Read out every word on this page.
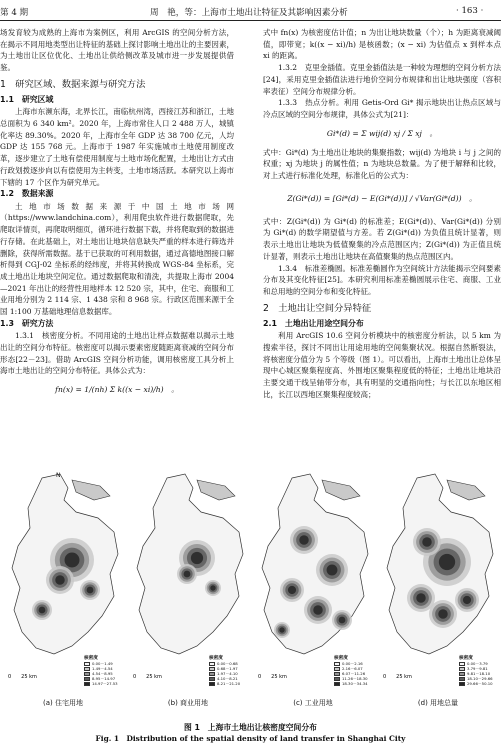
第 4 期	周　艳，等：上海市土地出让特征及其影响因素分析	· 163 ·

场发育较为成熟的上海市为案例区，利用 ArcGIS 的空间分析方法，在揭示不同用地类型出让特征的基础上探讨影响土地出让的主要因素，为土地出让区位优化、土地出让供给侧改革及城市进一步发展提供借鉴。

1　研究区域、数据来源与研究方法
1.1　研究区域

上海市东濒东海，北界长江，南临杭州湾，西接江苏和浙江，土地总面积为 6 340 km²。2020 年，上海市常住人口 2 488 万人，城镇化率达 89.30%。2020 年，上海市全年 GDP 达 38 700 亿元，人均 GDP 达 155 768 元。上海市于 1987 年实施城市土地使用制度改革，逐步建立了土地有偿使用制度与土地市场化配置，土地出让方式由行政划拨逐步向以有偿使用为主转变，土地市场活跃。本研究以上海市下辖的 17 个区作为研究单元。

1.2　数据来源

土地市场数据来源于中国土地市场网（https://www.landchina.com），利用爬虫软件进行数据爬取，先爬取详情页，再爬取明细页，循环进行数据下载，并将爬取到的数据进行存储。在此基础上，对土地出让地块信息缺失严重的样本进行筛选并删除，获得所需数据。基于已获取的可利用数据，通过高德地图接口解析得到 CGJ-02 坐标系的经纬度，并将其转换成 WGS-84 坐标系，完成土地出让地块空间定位。通过数据爬取和清洗，共提取上海市 2004—2021 年出让的经营性用地样本 12 520 宗，其中，住宅、商服和工业用地分别为 2 114 宗、1 438 宗和 8 968 宗。行政区范围来源于全国 1:100 万基础地理信息数据库。

1.3　研究方法

1.3.1　核密度分析。不同用途的土地出让样点数据难以揭示土地出让的空间分布特征。核密度可以揭示要素密度随距离衰减的空间分布形态[22－23]。借助 ArcGIS 空间分析功能，调用核密度工具分析上海市土地出让的空间分布特征。具体公式为：

fn(x) = 1/(nh) Σ k((x − xi)/h)　。

式中 fn(x) 为核密度估计值；n 为出让地块数量（个）；h 为距离衰减阈值，即带宽；k((x − xi)/h) 是核函数；(x − xi) 为估值点 x 到样本点 xi 的距离。

1.3.2　克里金插值。克里金插值法是一种较为理想的空间分析方法[24]，采用克里金插值法进行地价空间分布规律和出让地块强度（容积率表征）空间分布规律分析。

1.3.3　热点分析。利用 Getis-Ord Gi* 揭示地块出让热点区域与冷点区域的空间分布规律，具体公式为[21]：

Gi*(d) = Σ wij(d) xj / Σ xj　。

式中：Gi*(d) 为土地出让地块的集聚指数；wij(d) 为地块 i 与 j 之间的权重；xj 为地块 j 的属性值；n 为地块总数量。为了便于解释和比较，对上式进行标准化处理，标准化后的公式为：

Z(Gi*(d)) = [Gi*(d) − E(Gi*(d))] / √Var(Gi*(d))　。

式中：Z(Gi*(d)) 为 Gi*(d) 的标准差；E(Gi*(d))、Var(Gi*(d)) 分别为 Gi*(d) 的数学期望值与方差。若 Z(Gi*(d)) 为负值且统计显著，则表示土地出让地块为低值聚集的冷点范围区内；Z(Gi*(d)) 为正值且统计显著，则表示土地出让地块在高值聚集的热点范围区内。

1.3.4　标准差椭圆。标准差椭圆作为空间统计方法能揭示空间要素分布及其变化特征[25]。本研究利用标准差椭圆展示住宅、商服、工业和总用地的空间分布和变化特征。

2　土地出让空间分异特征
2.1　土地出让用途空间分布

利用 ArcGIS 10.6 空间分析模块中的核密度分析法，以 5 km 为搜索半径，探讨不同出让用途用地的空间集聚状况。根据自然断裂法，将核密度分值分为 5 个等级（图 1）。可以看出，上海市土地出让总体呈现中心城区聚集程度高、外围地区聚集程度低的特征；土地出让地块沿主要交通干线呈轴带分布，具有明显的交通指向性；与长江以东地区相比，长江以西地区聚集程度较高；

0　　25 km
N
核密度
0.00－1.49
1.49－4.54
4.54－8.95
8.95－14.97
14.97－27.53
(a) 住宅用地
0　　25 km
核密度
0.00－0.68
0.68－1.97
1.97－4.10
4.10－8.21
8.21－21.20
(b) 商业用地
0　　25 km
核密度
0.00－2.16
2.16－6.07
6.07－11.26
11.26－18.30
18.30－34.34
(c) 工业用地
0　　25 km
核密度
0.00－3.79
3.79－9.81
9.81－18.10
18.10－29.66
29.66－50.10
(d) 用地总量
图 1　上海市土地出让核密度空间分布
Fig. 1　Distribution of the spatial density of land transfer in Shanghai City
